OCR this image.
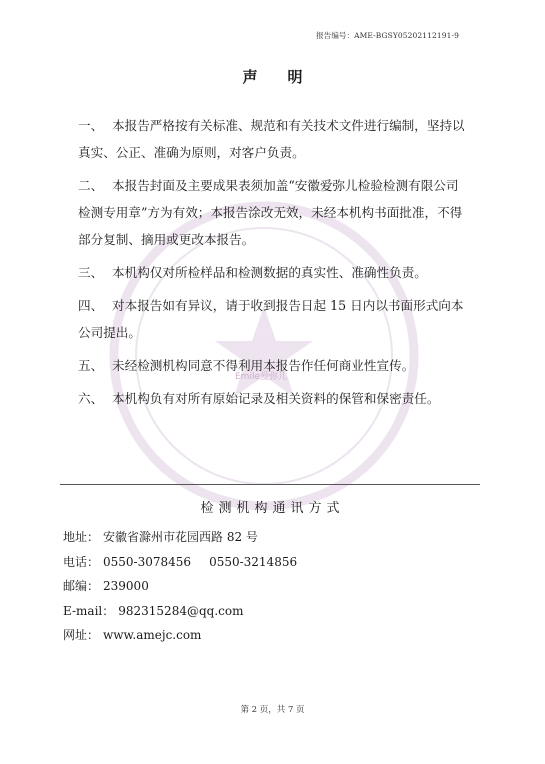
报告编号：AME-BGSY05202112191-9
声明

一、 本报告严格按有关标准、规范和有关技术文件进行编制，坚持以真实、公正、准确为原则，对客户负责。

二、 本报告封面及主要成果表须加盖“安徽爱弥儿检验检测有限公司检测专用章”方为有效；本报告涂改无效，未经本机构书面批准，不得部分复制、摘用或更改本报告。

三、 本机构仅对所检样品和检测数据的真实性、准确性负责。

四、 对本报告如有异议，请于收到报告日起 15 日内以书面形式向本公司提出。

五、 未经检测机构同意不得利用本报告作任何商业性宣传。

六、 本机构负有对所有原始记录及相关资料的保管和保密责任。

Emile爱弥儿
检测机构通讯方式
地址： 安徽省滁州市花园西路 82 号
电话： 0550-3078456 0550-3214856
邮编： 239000
E-mail： 982315284@qq.com
网址： www.amejc.com
第 2 页，共 7 页
